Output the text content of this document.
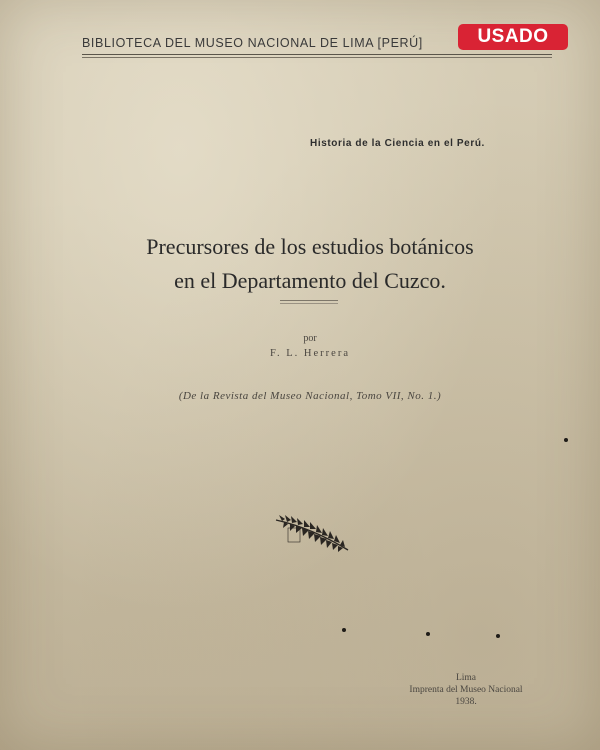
BIBLIOTECA DEL MUSEO NACIONAL DE LIMA [PERÚ]	USADO
Historia de la Ciencia en el Perú.
Precursores de los estudios botánicos
en el Departamento del Cuzco.
por
F. L. Herrera
(De la Revista del Museo Nacional, Tomo VII, No. 1.)
Lima
Imprenta del Museo Nacional
1938.
